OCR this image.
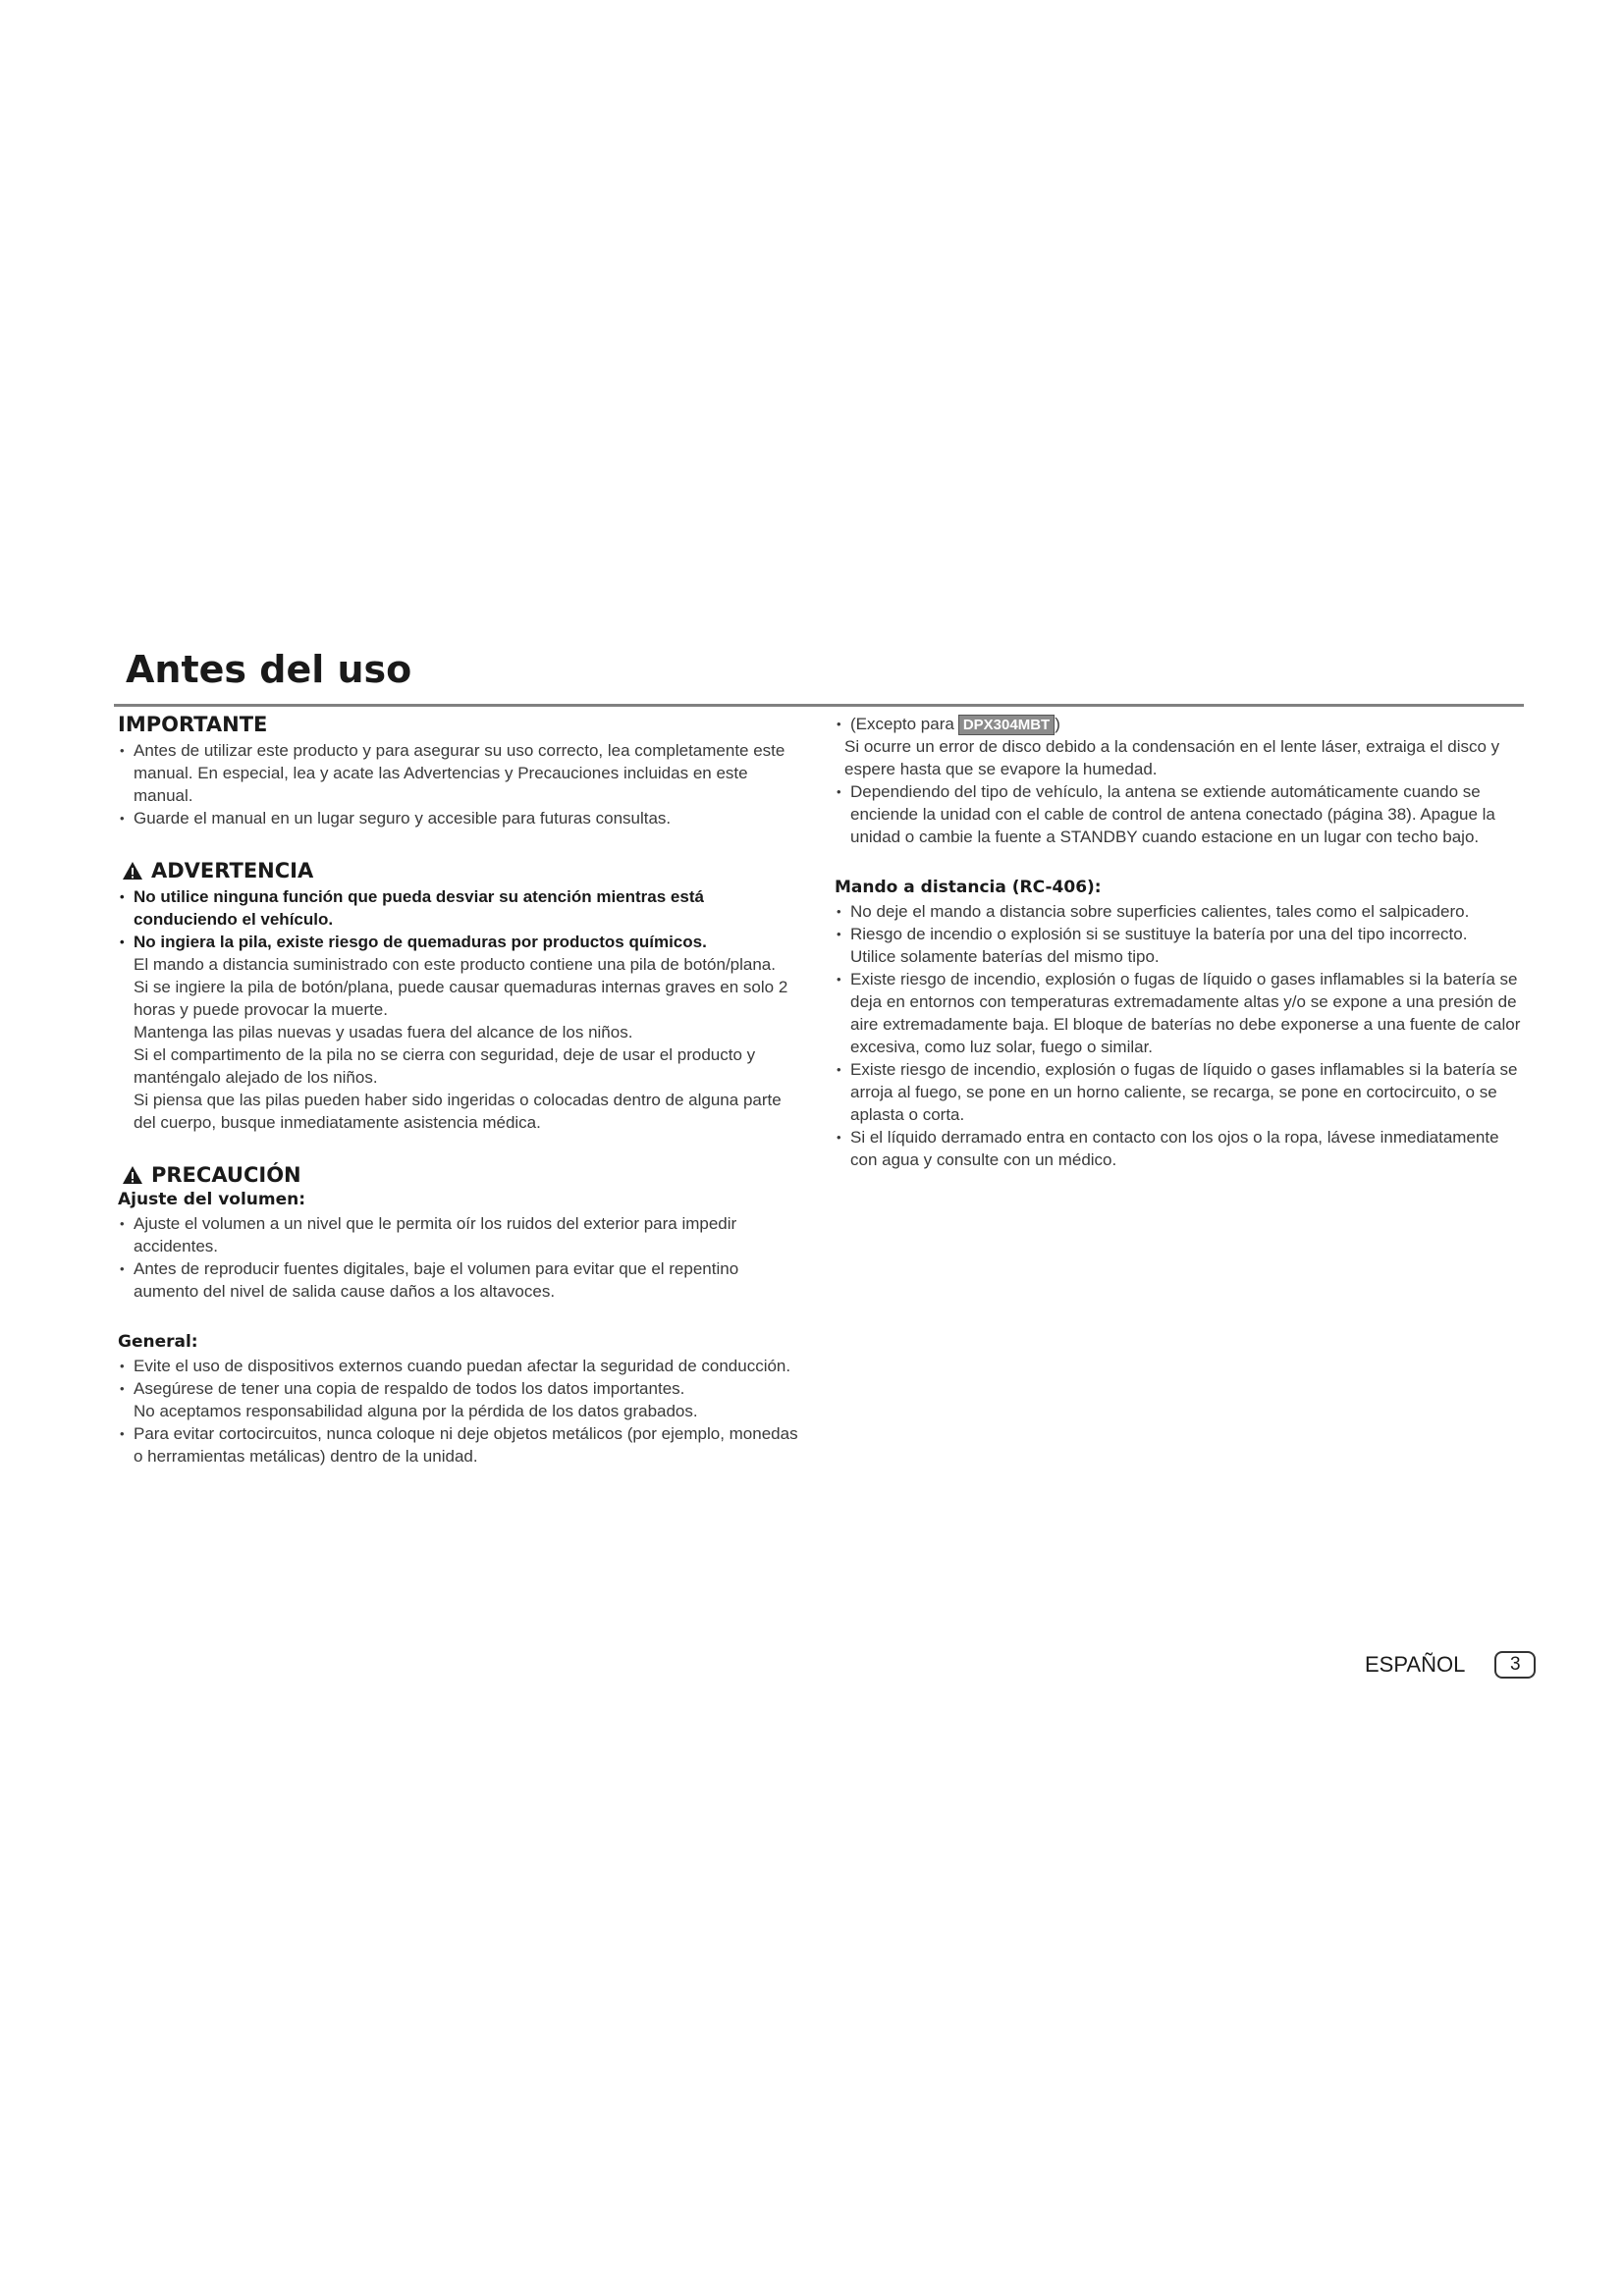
Antes del uso
IMPORTANTE
• Antes de utilizar este producto y para asegurar su uso correcto, lea completamente este manual. En especial, lea y acate las Advertencias y Precauciones incluidas en este manual.
• Guarde el manual en un lugar seguro y accesible para futuras consultas.
ADVERTENCIA
• No utilice ninguna función que pueda desviar su atención mientras está conduciendo el vehículo.
• No ingiera la pila, existe riesgo de quemaduras por productos químicos.
El mando a distancia suministrado con este producto contiene una pila de botón/plana.
Si se ingiere la pila de botón/plana, puede causar quemaduras internas graves en solo 2 horas y puede provocar la muerte.
Mantenga las pilas nuevas y usadas fuera del alcance de los niños.
Si el compartimento de la pila no se cierra con seguridad, deje de usar el producto y manténgalo alejado de los niños.
Si piensa que las pilas pueden haber sido ingeridas o colocadas dentro de alguna parte del cuerpo, busque inmediatamente asistencia médica.
PRECAUCIÓN
Ajuste del volumen:
• Ajuste el volumen a un nivel que le permita oír los ruidos del exterior para impedir accidentes.
• Antes de reproducir fuentes digitales, baje el volumen para evitar que el repentino aumento del nivel de salida cause daños a los altavoces.
General:
• Evite el uso de dispositivos externos cuando puedan afectar la seguridad de conducción.
• Asegúrese de tener una copia de respaldo de todos los datos importantes.
No aceptamos responsabilidad alguna por la pérdida de los datos grabados.
• Para evitar cortocircuitos, nunca coloque ni deje objetos metálicos (por ejemplo, monedas o herramientas metálicas) dentro de la unidad.
• (Excepto para DPX304MBT )
Si ocurre un error de disco debido a la condensación en el lente láser, extraiga el disco y espere hasta que se evapore la humedad.
• Dependiendo del tipo de vehículo, la antena se extiende automáticamente cuando se enciende la unidad con el cable de control de antena conectado (página 38). Apague la unidad o cambie la fuente a STANDBY cuando estacione en un lugar con techo bajo.
Mando a distancia (RC-406):
• No deje el mando a distancia sobre superficies calientes, tales como el salpicadero.
• Riesgo de incendio o explosión si se sustituye la batería por una del tipo incorrecto.
Utilice solamente baterías del mismo tipo.
• Existe riesgo de incendio, explosión o fugas de líquido o gases inflamables si la batería se deja en entornos con temperaturas extremadamente altas y/o se expone a una presión de aire extremadamente baja. El bloque de baterías no debe exponerse a una fuente de calor excesiva, como luz solar, fuego o similar.
• Existe riesgo de incendio, explosión o fugas de líquido o gases inflamables si la batería se arroja al fuego, se pone en un horno caliente, se recarga, se pone en cortocircuito, o se aplasta o corta.
• Si el líquido derramado entra en contacto con los ojos o la ropa, lávese inmediatamente con agua y consulte con un médico.
ESPAÑOL	3
